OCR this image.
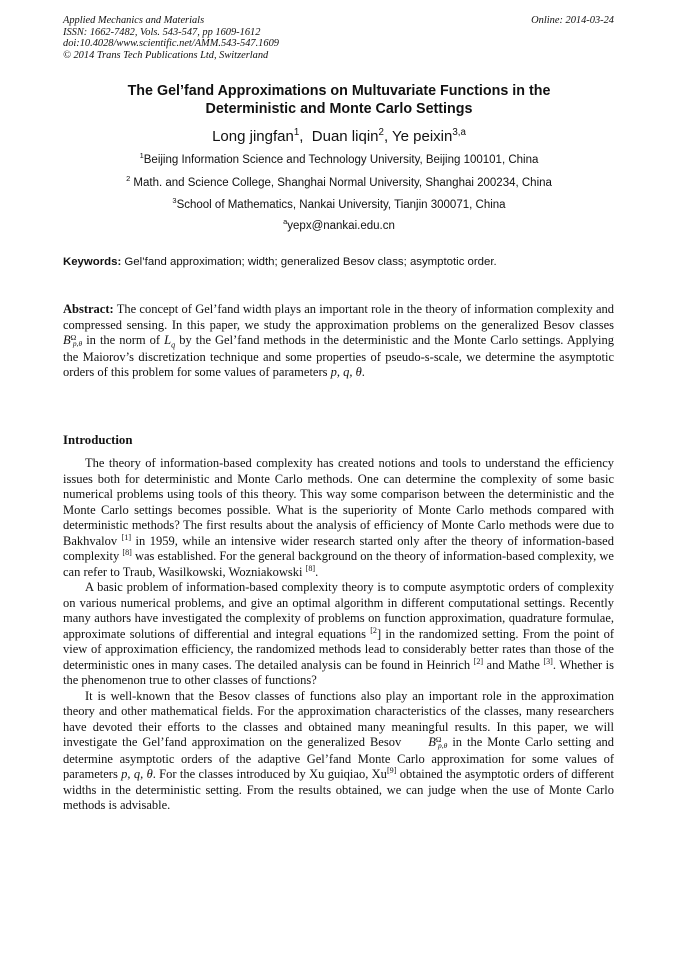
Applied Mechanics and Materials
ISSN: 1662-7482, Vols. 543-547, pp 1609-1612
doi:10.4028/www.scientific.net/AMM.543-547.1609
© 2014 Trans Tech Publications Ltd, Switzerland
Online: 2014-03-24
The Gel’fand Approximations on Multuvariate Functions in the
Deterministic and Monte Carlo Settings
Long jingfan$^1$,  Duan liqin$^2$, Ye peixin$^{3,a}$
$^1$Beijing Information Science and Technology University, Beijing 100101, China
$^2$ Math. and Science College, Shanghai Normal University, Shanghai 200234, China
$^3$School of Mathematics, Nankai University, Tianjin 300071, China
$^a$yepx@nankai.edu.cn
Keywords: Gel’fand approximation; width; generalized Besov class; asymptotic order.

Abstract: The concept of Gel’fand width plays an important role in the theory of information complexity and compressed sensing. In this paper, we study the approximation problems on the generalized Besov classes $B^\Omega p,\theta$ in the norm of $L_q$ by the Gel’fand methods in the deterministic and the Monte Carlo settings. Applying the Maiorov’s discretization technique and some properties of pseudo-s-scale, we determine the asymptotic orders of this problem for some values of parameters p, q, θ.

Introduction

The theory of information-based complexity has created notions and tools to understand the efficiency issues both for deterministic and Monte Carlo methods. One can determine the complexity of some basic numerical problems using tools of this theory. This way some comparison between the deterministic and the Monte Carlo settings becomes possible. What is the superiority of Monte Carlo methods compared with deterministic methods? The first results about the analysis of efficiency of Monte Carlo methods were due to Bakhvalov [1] in 1959, while an intensive wider research started only after the theory of information-based complexity [8] was established. For the general background on the theory of information-based complexity, we can refer to Traub, Wasilkowski, Wozniakowski [8].

A basic problem of information-based complexity theory is to compute asymptotic orders of complexity on various numerical problems, and give an optimal algorithm in different computational settings. Recently many authors have investigated the complexity of problems on function approximation, quadrature formulae, approximate solutions of differential and integral equations $^{[2}$] in the randomized setting. From the point of view of approximation efficiency, the randomized methods lead to considerably better rates than those of the deterministic ones in many cases. The detailed analysis can be found in Heinrich [2] and Mathe [3]. Whether is the phenomenon true to other classes of functions?

It is well-known that the Besov classes of functions also play an important role in the approximation theory and other mathematical fields. For the approximation characteristics of the classes, many researchers have devoted their efforts to the classes and obtained many meaningful results. In this paper, we will investigate the Gel’fand approximation on the generalized Besov $B^\Omega p,\theta$ in the Monte Carlo setting and determine asymptotic orders of the adaptive Gel’fand Monte Carlo approximation for some values of parameters p, q, θ. For the classes introduced by Xu guiqiao, Xu[9] obtained the asymptotic orders of different widths in the deterministic setting. From the results obtained, we can judge when the use of Monte Carlo methods is advisable.
